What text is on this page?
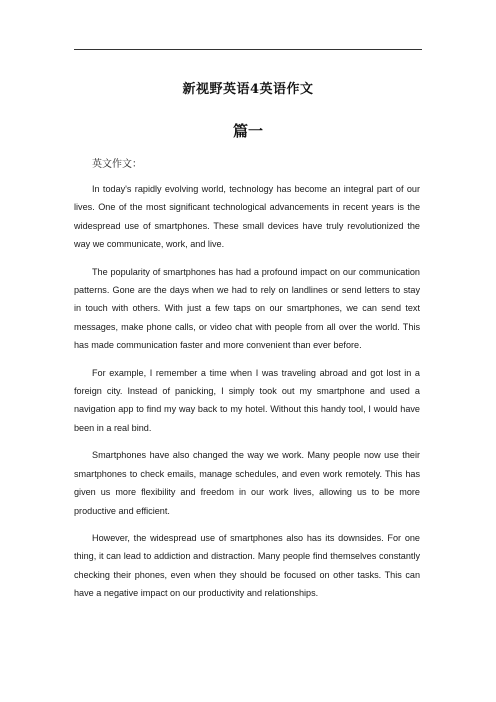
新视野英语4英语作文
篇一
英文作文：

In today's rapidly evolving world, technology has become an integral part of our lives. One of the most significant technological advancements in recent years is the widespread use of smartphones. These small devices have truly revolutionized the way we communicate, work, and live.

The popularity of smartphones has had a profound impact on our communication patterns. Gone are the days when we had to rely on landlines or send letters to stay in touch with others. With just a few taps on our smartphones, we can send text messages, make phone calls, or video chat with people from all over the world. This has made communication faster and more convenient than ever before.

For example, I remember a time when I was traveling abroad and got lost in a foreign city. Instead of panicking, I simply took out my smartphone and used a navigation app to find my way back to my hotel. Without this handy tool, I would have been in a real bind.

Smartphones have also changed the way we work. Many people now use their smartphones to check emails, manage schedules, and even work remotely. This has given us more flexibility and freedom in our work lives, allowing us to be more productive and efficient.

However, the widespread use of smartphones also has its downsides. For one thing, it can lead to addiction and distraction. Many people find themselves constantly checking their phones, even when they should be focused on other tasks. This can have a negative impact on our productivity and relationships.
